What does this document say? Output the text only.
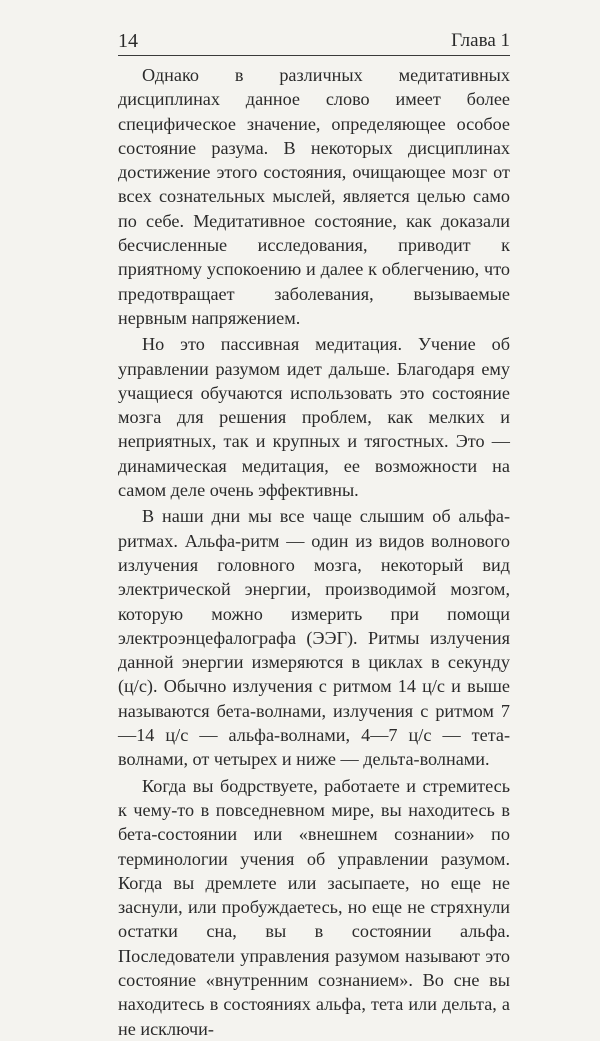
14	Глава 1

Однако в различных медитативных дисциплинах данное слово имеет более специфическое значение, определяющее особое состояние разума. В некоторых дисциплинах достижение этого состояния, очищающее мозг от всех сознательных мыслей, является целью само по себе. Медитативное состояние, как доказали бесчисленные исследования, приводит к приятному успокоению и далее к облегчению, что предотвращает заболевания, вызываемые нервным напряжением.

Но это пассивная медитация. Учение об управлении разумом идет дальше. Благодаря ему учащиеся обучаются использовать это состояние мозга для решения проблем, как мелких и неприятных, так и крупных и тягостных. Это — динамическая медитация, ее возможности на самом деле очень эффективны.

В наши дни мы все чаще слышим об альфа-ритмах. Альфа-ритм — один из видов волнового излучения головного мозга, некоторый вид электрической энергии, производимой мозгом, которую можно измерить при помощи электроэнцефалографа (ЭЭГ). Ритмы излучения данной энергии измеряются в циклах в секунду (ц/с). Обычно излучения с ритмом 14 ц/с и выше называются бета-волнами, излучения с ритмом 7—14 ц/с — альфа-волнами, 4—7 ц/с — тета-волнами, от четырех и ниже — дельта-волнами.

Когда вы бодрствуете, работаете и стремитесь к чему-то в повседневном мире, вы находитесь в бета-состоянии или «внешнем сознании» по терминологии учения об управлении разумом. Когда вы дремлете или засыпаете, но еще не заснули, или пробуждаетесь, но еще не стряхнули остатки сна, вы в состоянии альфа. Последователи управления разумом называют это состояние «внутренним сознанием». Во сне вы находитесь в состояниях альфа, тета или дельта, а не исключи-
